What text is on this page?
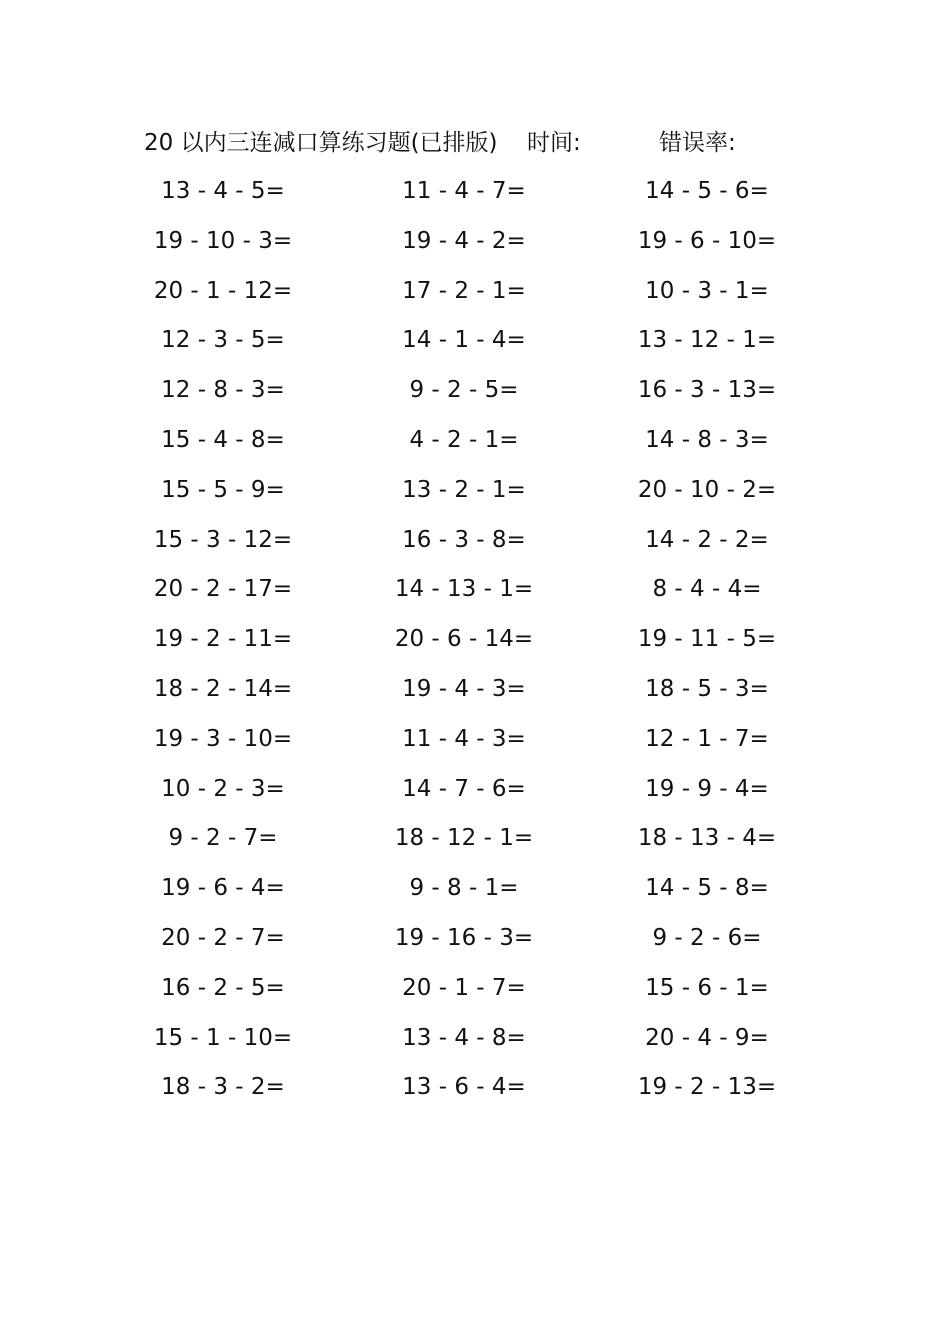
20 以内三连减口算练习题(已排版) 时间:	错误率:
13 - 4 - 5=	11 - 4 - 7=	14 - 5 - 6=
19 - 10 - 3=	19 - 4 - 2=	19 - 6 - 10=
20 - 1 - 12=	17 - 2 - 1=	10 - 3 - 1=
12 - 3 - 5=	14 - 1 - 4=	13 - 12 - 1=
12 - 8 - 3=	9 - 2 - 5=	16 - 3 - 13=
15 - 4 - 8=	4 - 2 - 1=	14 - 8 - 3=
15 - 5 - 9=	13 - 2 - 1=	20 - 10 - 2=
15 - 3 - 12=	16 - 3 - 8=	14 - 2 - 2=
20 - 2 - 17=	14 - 13 - 1=	8 - 4 - 4=
19 - 2 - 11=	20 - 6 - 14=	19 - 11 - 5=
18 - 2 - 14=	19 - 4 - 3=	18 - 5 - 3=
19 - 3 - 10=	11 - 4 - 3=	12 - 1 - 7=
10 - 2 - 3=	14 - 7 - 6=	19 - 9 - 4=
9 - 2 - 7=	18 - 12 - 1=	18 - 13 - 4=
19 - 6 - 4=	9 - 8 - 1=	14 - 5 - 8=
20 - 2 - 7=	19 - 16 - 3=	9 - 2 - 6=
16 - 2 - 5=	20 - 1 - 7=	15 - 6 - 1=
15 - 1 - 10=	13 - 4 - 8=	20 - 4 - 9=
18 - 3 - 2=	13 - 6 - 4=	19 - 2 - 13=
